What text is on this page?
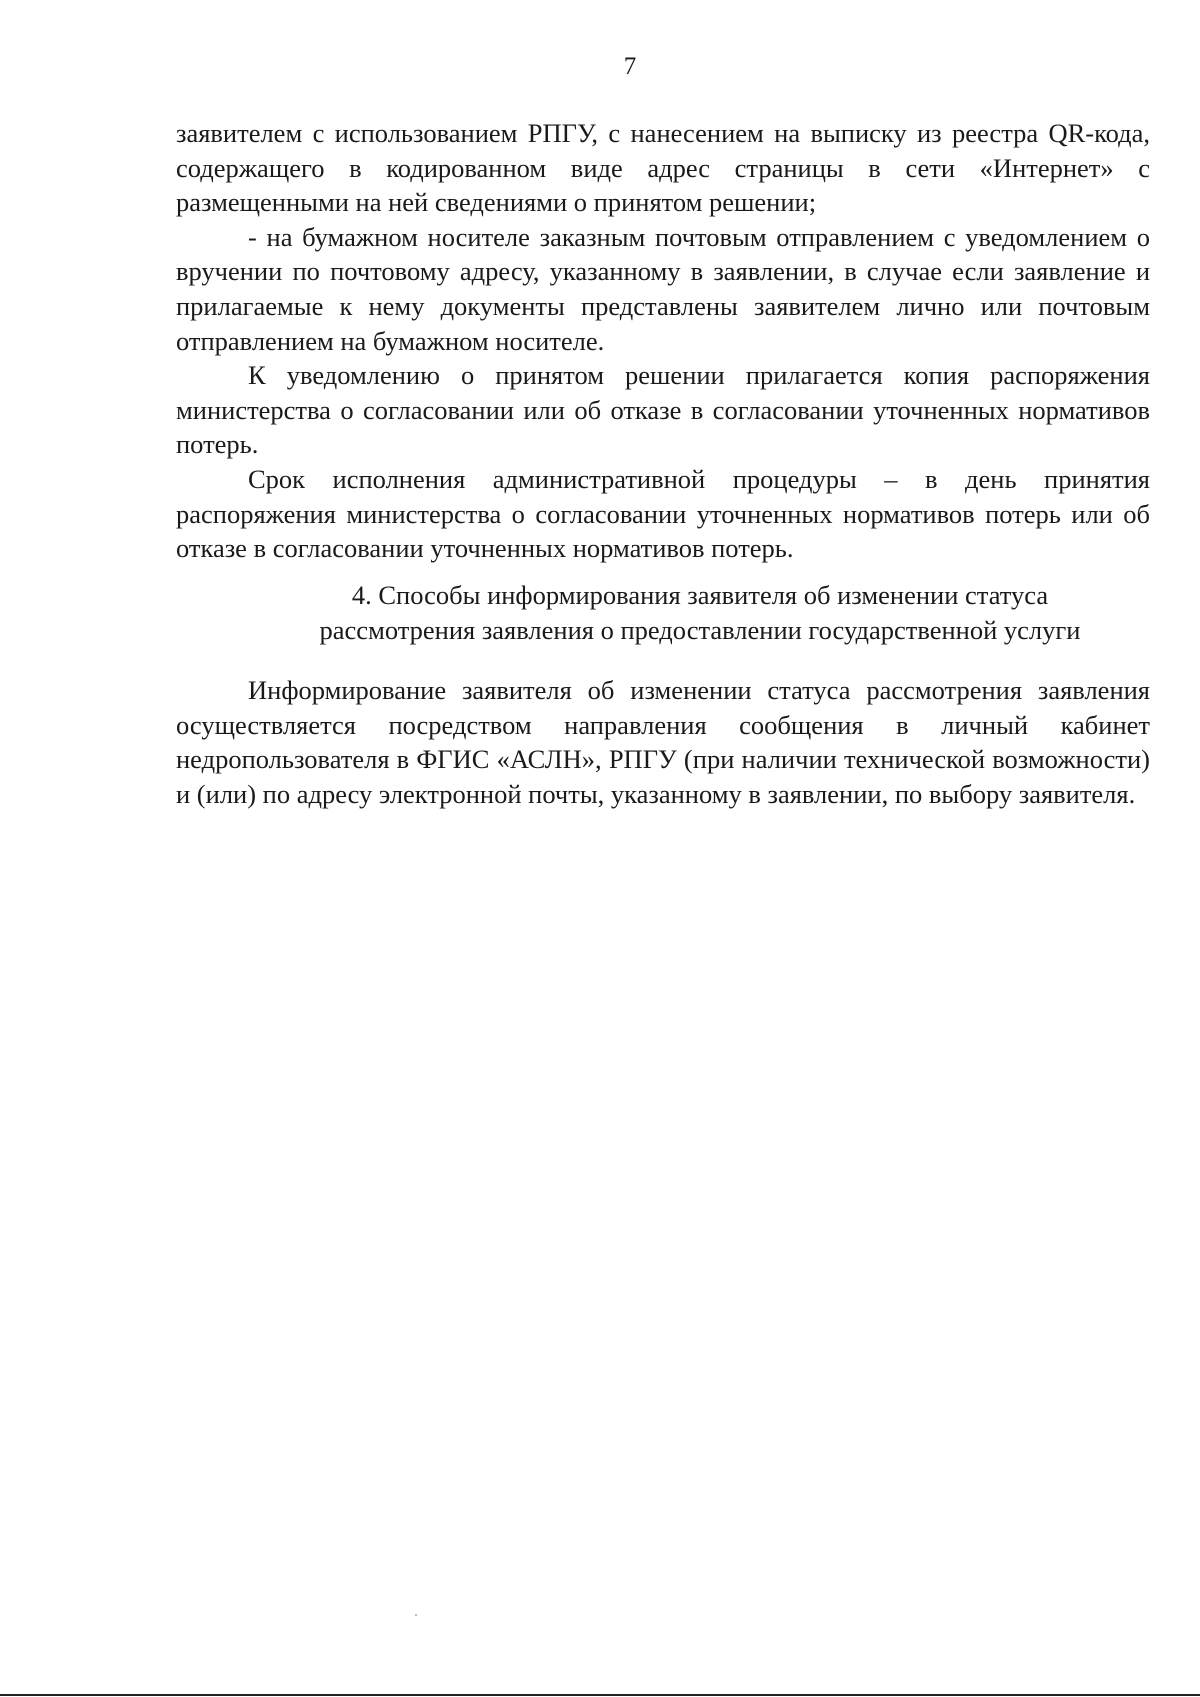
7

заявителем с использованием РПГУ, с нанесением на выписку из реестра QR-кода, содержащего в кодированном виде адрес страницы в сети «Интернет» с размещенными на ней сведениями о принятом решении;

- на бумажном носителе заказным почтовым отправлением с уведомлением о вручении по почтовому адресу, указанному в заявлении, в случае если заявление и прилагаемые к нему документы представлены заявителем лично или почтовым отправлением на бумажном носителе.

К уведомлению о принятом решении прилагается копия распоряжения министерства о согласовании или об отказе в согласовании уточненных нормативов потерь.

Срок исполнения административной процедуры – в день принятия распоряжения министерства о согласовании уточненных нормативов потерь или об отказе в согласовании уточненных нормативов потерь.

4. Способы информирования заявителя об изменении статуса
рассмотрения заявления о предоставлении государственной услуги

Информирование заявителя об изменении статуса рассмотрения заявления осуществляется посредством направления сообщения в личный кабинет недропользователя в ФГИС «АСЛН», РПГУ (при наличии технической возможности) и (или) по адресу электронной почты, указанному в заявлении, по выбору заявителя.
